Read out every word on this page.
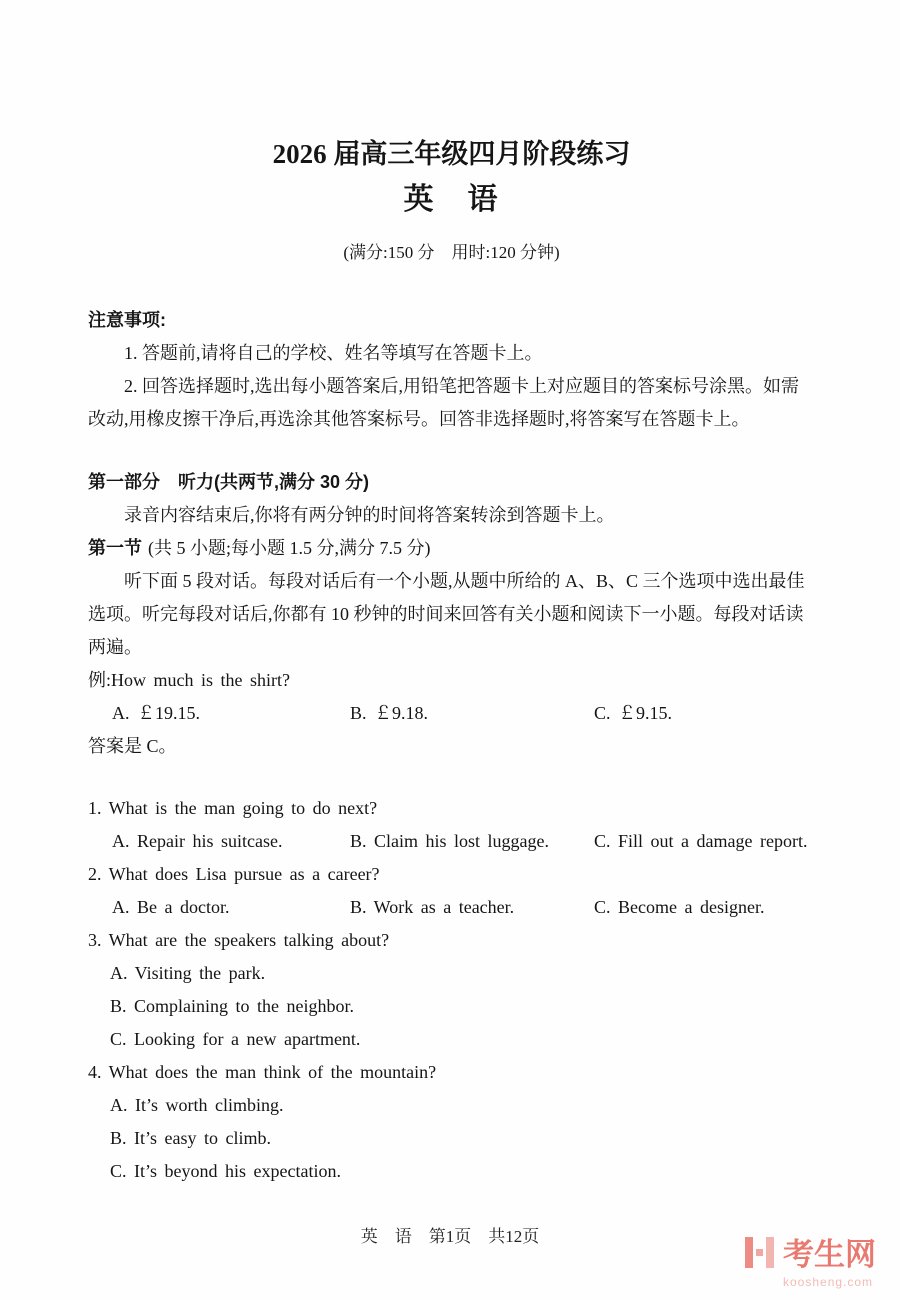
2026 届高三年级四月阶段练习
英　语
(满分:150 分　用时:120 分钟)
注意事项:

1. 答题前,请将自己的学校、姓名等填写在答题卡上。

2. 回答选择题时,选出每小题答案后,用铅笔把答题卡上对应题目的答案标号涂黑。如需改动,用橡皮擦干净后,再选涂其他答案标号。回答非选择题时,将答案写在答题卡上。

第一部分　听力(共两节,满分 30 分)

录音内容结束后,你将有两分钟的时间将答案转涂到答题卡上。

第一节 (共 5 小题;每小题 1.5 分,满分 7.5 分)

听下面 5 段对话。每段对话后有一个小题,从题中所给的 A、B、C 三个选项中选出最佳选项。听完每段对话后,你都有 10 秒钟的时间来回答有关小题和阅读下一小题。每段对话读两遍。

例:How much is the shirt?

A. ￡19.15.	B. ￡9.18.	C. ￡9.15.

答案是 C。

1. What is the man going to do next?

A. Repair his suitcase.	B. Claim his lost luggage.	C. Fill out a damage report.

2. What does Lisa pursue as a career?

A. Be a doctor.	B. Work as a teacher.	C. Become a designer.

3. What are the speakers talking about?

A. Visiting the park.

B. Complaining to the neighbor.

C. Looking for a new apartment.

4. What does the man think of the mountain?

A. It’s worth climbing.

B. It’s easy to climb.

C. It’s beyond his expectation.

英　语　第1页　共12页
考生网
koosheng.com
